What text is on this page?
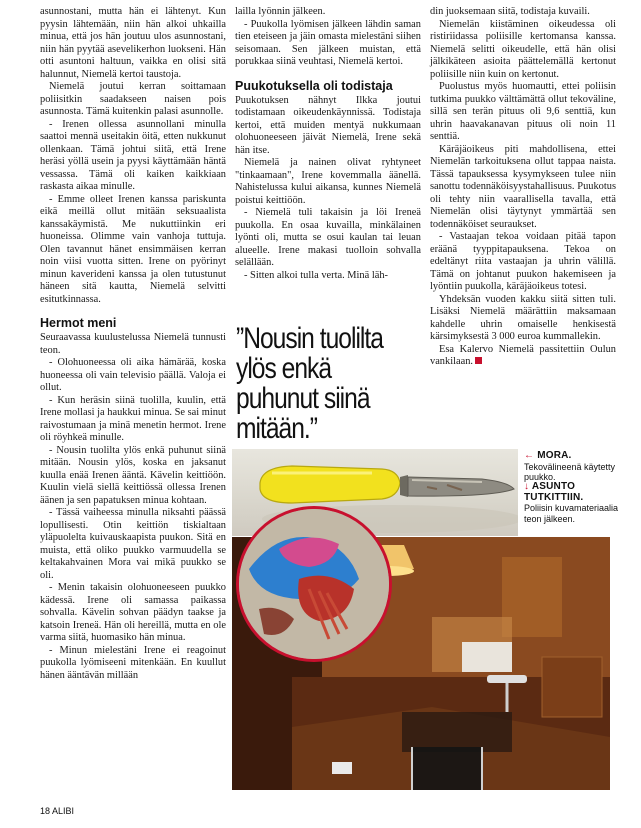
asunnostani, mutta hän ei lähtenyt. Kun pyysin lähtemään, niin hän alkoi uhkailla minua, että jos hän joutuu ulos asunnostani, niin hän pyytää asevelikerhon luokseni. Hän otti asuntoni haltuun, vaikka en olisi sitä halunnut, Niemelä kertoi taustoja.

Niemelä joutui kerran soittamaan poliisitkin saadakseen naisen pois asunnosta. Tämä kuitenkin palasi asunnolle.

- Irenen ollessa asunnollani minulla saattoi mennä useitakin öitä, etten nukkunut ollenkaan. Tämä johtui siitä, että Irene heräsi yöllä usein ja pyysi käyttämään häntä vessassa. Tämä oli kaiken kaikkiaan raskasta aikaa minulle.

- Emme olleet Irenen kanssa pariskunta eikä meillä ollut mitään seksuaalista kanssakäymistä. Me nukuttiinkin eri huoneissa. Olimme vain vanhoja tuttuja. Olen tavannut hänet ensimmäisen kerran noin viisi vuotta sitten. Irene on pyörinyt minun kaverideni kanssa ja olen tutustunut häneen sitä kautta, Niemelä selvitti esitutkinnassa.

Hermot meni

Seuraavassa kuulustelussa Niemelä tunnusti teon.

- Olohuoneessa oli aika hämärää, koska huoneessa oli vain televisio päällä. Valoja ei ollut.

- Kun heräsin siinä tuolilla, kuulin, että Irene mollasi ja haukkui minua. Se sai minut raivostumaan ja minä menetin hermot. Irene oli röyhkeä minulle.

- Nousin tuolilta ylös enkä puhunut siinä mitään. Nousin ylös, koska en jaksanut kuulla enää Irenen ääntä. Kävelin keittiöön. Kuulin vielä siellä keittiössä ollessa Irenen äänen ja sen papatuksen minua kohtaan.

- Tässä vaiheessa minulla niksahti päässä lopullisesti. Otin keittiön tiskialtaan yläpuolelta kuivauskaapista puukon. Sitä en muista, että oliko puukko varmuudella se keltakahvainen Mora vai mikä puukko se oli.

- Menin takaisin olohuoneeseen puukko kädessä. Irene oli samassa paikassa sohvalla. Kävelin sohvan päädyn taakse ja katsoin Ireneä. Hän oli hereillä, mutta en ole varma siitä, huomasiko hän minua.

- Minun mielestäni Irene ei reagoinut puukolla lyömiseeni mitenkään. En kuullut hänen ääntävän millään

lailla lyönnin jälkeen.

- Puukolla lyömisen jälkeen lähdin saman tien eteiseen ja jäin omasta mielestäni siihen seisomaan. Sen jälkeen muistan, että porukkaa siinä veuhtasi, Niemelä kertoi.

Puukotuksella oli todistaja

Puukotuksen nähnyt Ilkka joutui todistamaan oikeudenkäynnissä. Todistaja kertoi, että muiden mentyä nukkumaan olohuoneeseen jäivät Niemelä, Irene sekä hän itse.

Niemelä ja nainen olivat ryhtyneet "tinkaamaan", Irene kovemmalla äänellä. Nahistelussa kului aikansa, kunnes Niemelä poistui keittiöön.

- Niemelä tuli takaisin ja löi Ireneä puukolla. En osaa kuvailla, minkälainen lyönti oli, mutta se osui kaulan tai leuan alueelle. Irene makasi tuolloin sohvalla selällään.

- Sitten alkoi tulla verta. Minä läh-

”Nousin tuolilta ylös enkä puhunut siinä mitään.”

din juoksemaan siitä, todistaja kuvaili.

Niemelän kiistäminen oikeudessa oli ristiriidassa poliisille kertomansa kanssa. Niemelä selitti oikeudelle, että hän olisi jälkikäteen asioita päättelemällä kertonut poliisille niin kuin on kertonut.

Puolustus myös huomautti, ettei poliisin tutkima puukko välttämättä ollut tekoväline, sillä sen terän pituus oli 9,6 senttiä, kun uhrin haavakanavan pituus oli noin 11 senttiä.

Käräjäoikeus piti mahdollisena, ettei Niemelän tarkoituksena ollut tappaa naista. Tässä tapauksessa kysymykseen tulee niin sanottu todennäköisyystahallisuus. Puukotus oli tehty niin vaarallisella tavalla, että Niemelän olisi täytynyt ymmärtää sen todennäköiset seuraukset.

- Vastaajan tekoa voidaan pitää tapon eräänä tyyppitapauksena. Tekoa on edeltänyt riita vastaajan ja uhrin välillä. Tämä on johtanut puukon hakemiseen ja lyöntiin puukolla, käräjäoikeus totesi.

Yhdeksän vuoden kakku siitä sitten tuli. Lisäksi Niemelä määrättiin maksamaan kahdelle uhrin omaiselle henkisestä kärsimyksestä 3 000 euroa kummallekin.

Esa Kalervo Niemelä passitettiin Oulun vankilaan.

← MORA.
Tekovälineenä käytetty puukko.
↓ ASUNTO TUTKITTIIN.
Poliisin kuvamateriaalia teon jälkeen.
18 ALIBI
